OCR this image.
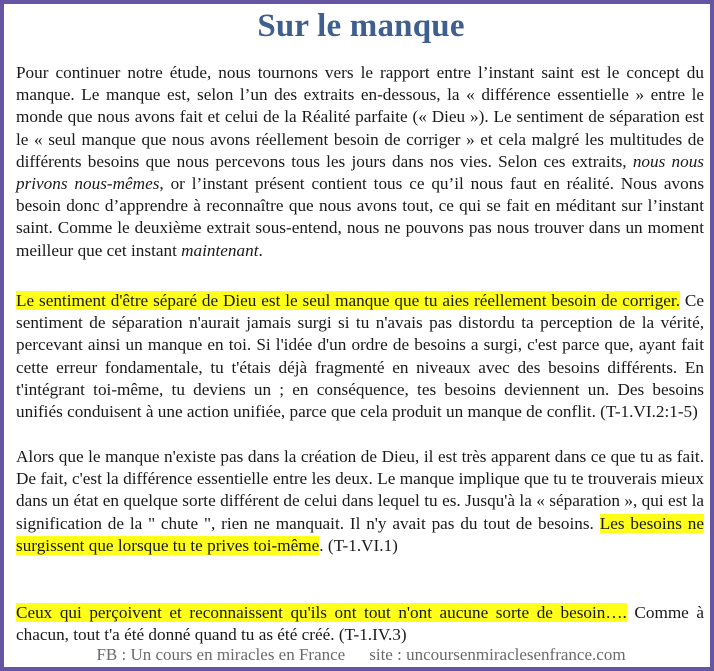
Sur le manque

Pour continuer notre étude, nous tournons vers le rapport entre l’instant saint est le concept du manque. Le manque est, selon l’un des extraits en-dessous, la « différence essentielle » entre le monde que nous avons fait et celui de la Réalité parfaite (« Dieu »). Le sentiment de séparation est le « seul manque que nous avons réellement besoin de corriger » et cela malgré les multitudes de différents besoins que nous percevons tous les jours dans nos vies. Selon ces extraits, nous nous privons nous-mêmes, or l’instant présent contient tous ce qu’il nous faut en réalité. Nous avons besoin donc d’apprendre à reconnaître que nous avons tout, ce qui se fait en méditant sur l’instant saint. Comme le deuxième extrait sous-entend, nous ne pouvons pas nous trouver dans un moment meilleur que cet instant maintenant.

Le sentiment d'être séparé de Dieu est le seul manque que tu aies réellement besoin de corriger. Ce sentiment de séparation n'aurait jamais surgi si tu n'avais pas distordu ta perception de la vérité, percevant ainsi un manque en toi. Si l'idée d'un ordre de besoins a surgi, c'est parce que, ayant fait cette erreur fondamentale, tu t'étais déjà fragmenté en niveaux avec des besoins différents. En t'intégrant toi-même, tu deviens un ; en conséquence, tes besoins deviennent un. Des besoins unifiés conduisent à une action unifiée, parce que cela produit un manque de conflit. (T-1.VI.2:1-5)

Alors que le manque n'existe pas dans la création de Dieu, il est très apparent dans ce que tu as fait. De fait, c'est la différence essentielle entre les deux. Le manque implique que tu te trouverais mieux dans un état en quelque sorte différent de celui dans lequel tu es. Jusqu'à la « séparation », qui est la signification de la " chute ", rien ne manquait. Il n'y avait pas du tout de besoins. Les besoins ne surgissent que lorsque tu te prives toi-même. (T-1.VI.1)

Ceux qui perçoivent et reconnaissent qu'ils ont tout n'ont aucune sorte de besoin…. Comme à chacun, tout t'a été donné quand tu as été créé. (T-1.IV.3)

FB : Un cours en miracles en France site : uncoursenmiraclesenfrance.com
